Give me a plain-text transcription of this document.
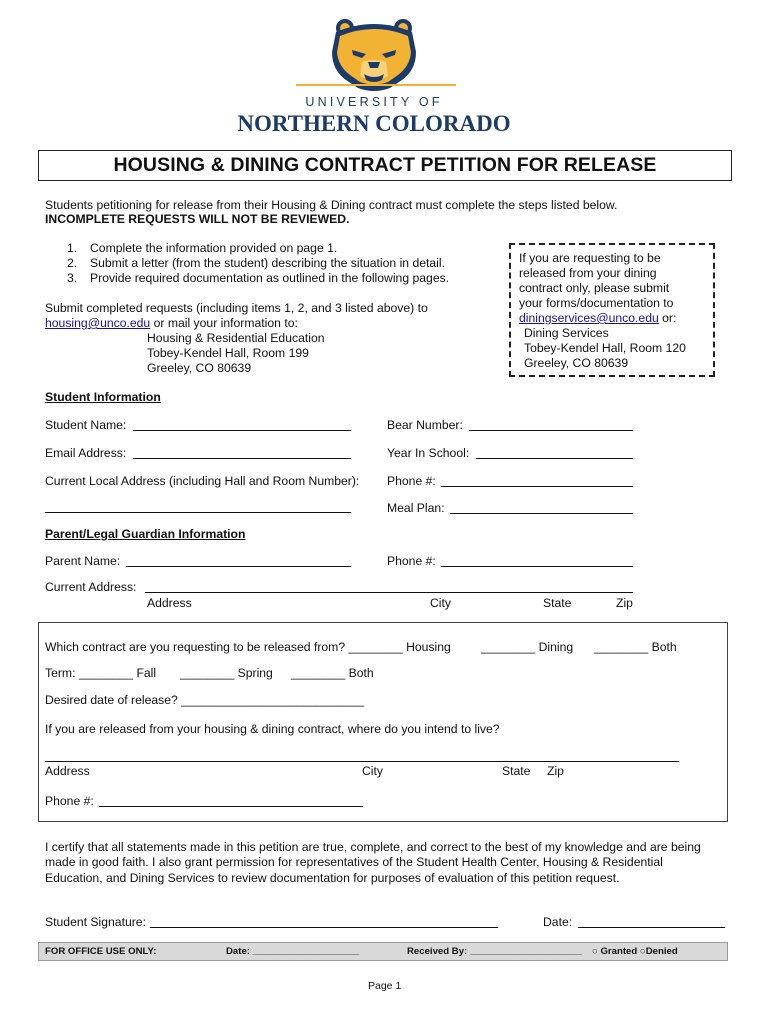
UNIVERSITY OF
NORTHERN COLORADO
HOUSING & DINING CONTRACT PETITION FOR RELEASE
Students petitioning for release from their Housing & Dining contract must complete the steps listed below.
INCOMPLETE REQUESTS WILL NOT BE REVIEWED.
1. Complete the information provided on page 1.
2. Submit a letter (from the student) describing the situation in detail.
3. Provide required documentation as outlined in the following pages.
Submit completed requests (including items 1, 2, and 3 listed above) to
housing@unco.edu or mail your information to:
Housing & Residential Education
Tobey-Kendel Hall, Room 199
Greeley, CO 80639
If you are requesting to be
released from your dining
contract only, please submit
your forms/documentation to
diningservices@unco.edu or:
Dining Services
Tobey-Kendel Hall, Room 120
Greeley, CO 80639
Student Information
Student Name:	Bear Number:
Email Address:	Year In School:
Current Local Address (including Hall and Room Number): Phone #:
Meal Plan:
Parent/Legal Guardian Information
Parent Name:	Phone #:
Current Address:
Address	City	State	Zip
Which contract are you requesting to be released from? ________ Housing ________ Dining ________ Both
Term: ________ Fall ________ Spring ________ Both
Desired date of release? ___________________________
If you are released from your housing & dining contract, where do you intend to live?
Address	City	State Zip
Phone #:
I certify that all statements made in this petition are true, complete, and correct to the best of my knowledge and are being
made in good faith. I also grant permission for representatives of the Student Health Center, Housing & Residential
Education, and Dining Services to review documentation for purposes of evaluation of this petition request.
Student Signature:	Date:
FOR OFFICE USE ONLY:	Date: ____________________	Received By: _____________________ ○ Granted ○Denied
Page 1
